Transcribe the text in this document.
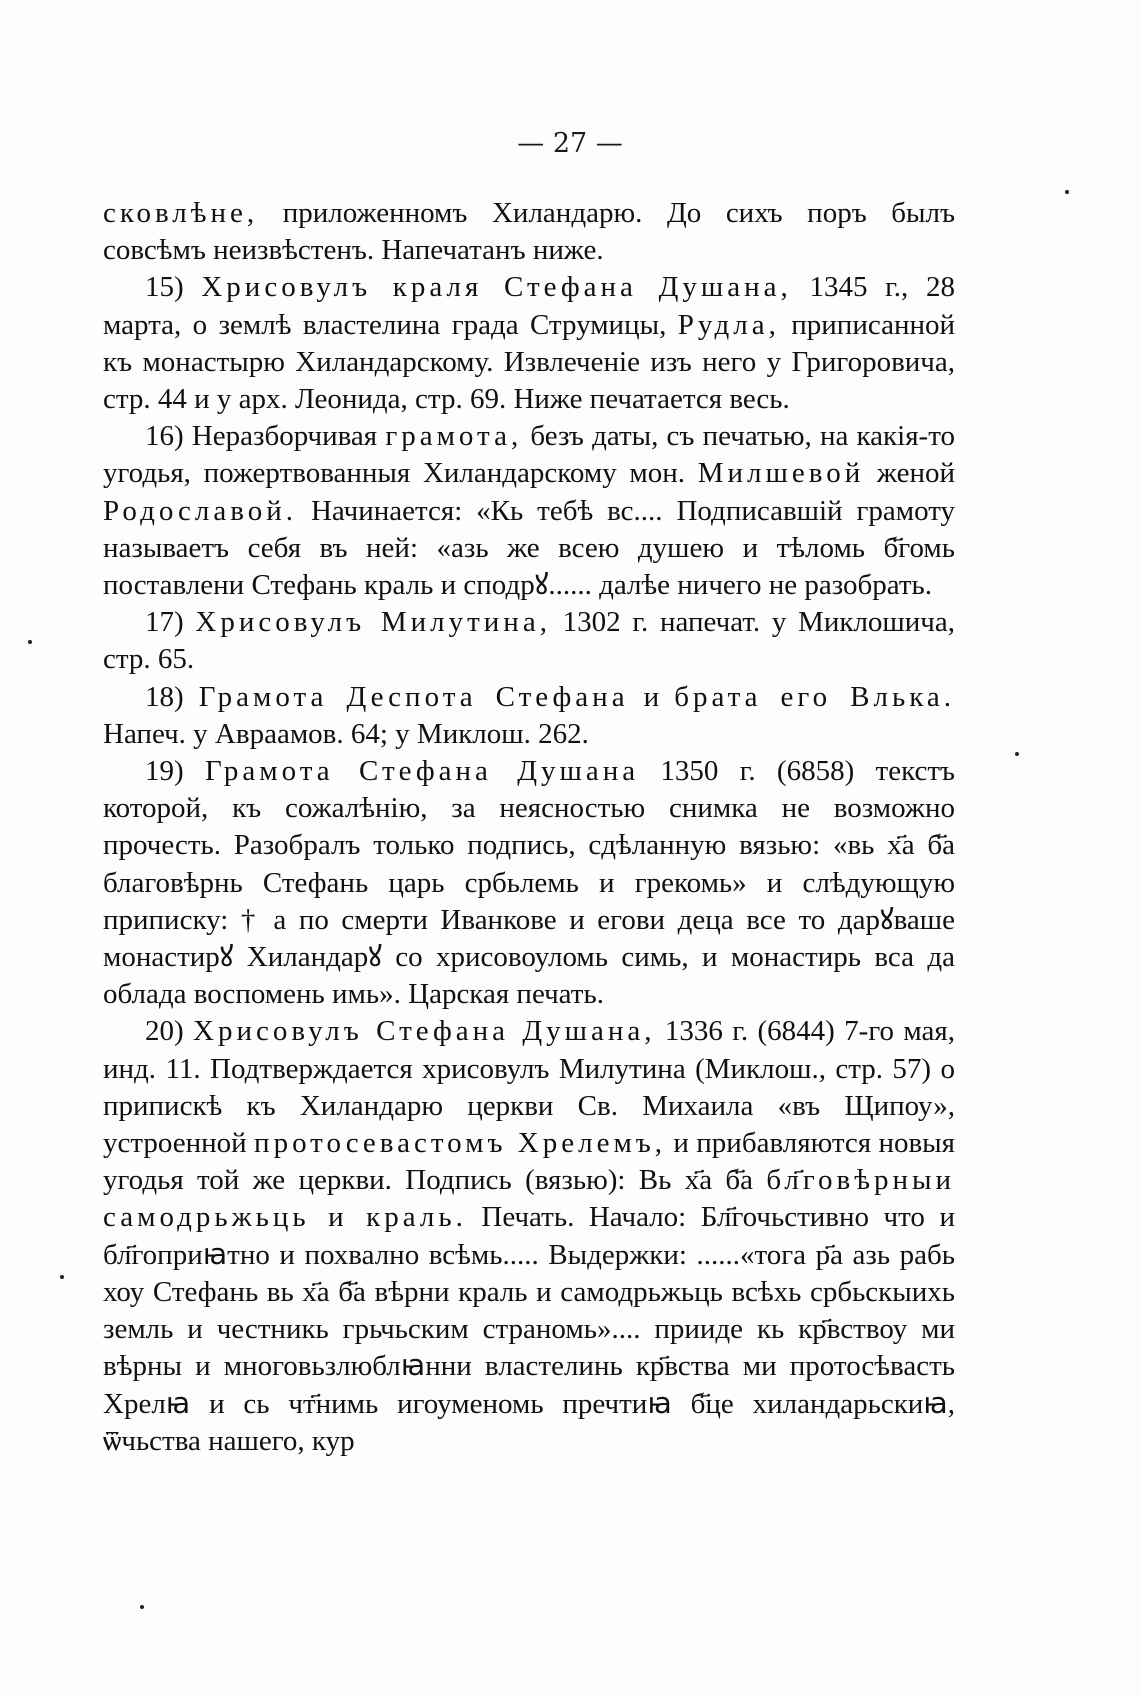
— 27 —

сковлѣне, приложенномъ Хиландарю. До сихъ поръ былъ совсѣмъ неизвѣстенъ. Напечатанъ ниже.

15) Хрисовулъ краля Стефана Душана, 1345 г., 28 марта, о землѣ властелина града Струмицы, Рудла, приписанной къ монастырю Хиландарскому. Извлеченіе изъ него у Григоровича, стр. 44 и у арх. Леонида, стр. 69. Ниже печатается весь.

16) Неразборчивая грамота, безъ даты, съ печатью, на какія-то угодья, пожертвованныя Хиландарскому мон. Милшевой женой Родославой. Начинается: «Кь тебѣ вс.... Подписавшій грамоту называетъ себя въ ней: «азь же всею душею и тѣломь б҃гомь поставлени Стефань краль и сподрꙋ...... далѣе ничего не разобрать.

17) Хрисовулъ Милутина, 1302 г. напечат. у Миклошича, стр. 65.

18) Грамота Деспота Стефана и брата его Влька. Напеч. у Авраамов. 64; у Миклош. 262.

19) Грамота Стефана Душана 1350 г. (6858) текстъ которой, къ сожалѣнію, за неясностью снимка не возможно прочесть. Разобралъ только подпись, сдѣланную вязью: «вь х҃а б҃а благовѣрнь Стефань царь србьлемь и грекомь» и слѣдующую приписку: † а по смерти Иванкове и егови деца все то дарꙋваше монастирꙋ Хиландарꙋ со хрисовоуломь симь, и монастирь вса да облада воспомень имь». Царская печать.

20) Хрисовулъ Стефана Душана, 1336 г. (6844) 7-го мая, инд. 11. Подтверждается хрисовулъ Милутина (Миклош., стр. 57) о припискѣ къ Хиландарю церкви Св. Михаила «въ Щипоу», устроенной протосевастомъ Хрелемъ, и прибавляются новыя угодья той же церкви. Подпись (вязью): Вь х҃а б҃а бл҃говѣрныи самодрьжьць и краль. Печать. Начало: Бл҃гочьстивно что и бл҃гоприꙗтно и похвално всѣмь..... Выдержки: ......«тога р҃а азь рабь хоу Стефань вь х҃а б҃а вѣрни краль и самодрьжьць всѣхь србьскыихь земль и честникь грьчьским страномь».... прииде кь кр҃вствоу ми вѣрны и многовьзлюблꙗнни властелинь кр҃вства ми протосѣвасть Хрелꙗ и сь чт҃нимь игоуменомь пречтиꙗ б҃це хиландарьскиꙗ, ѿчьства нашего, кур
